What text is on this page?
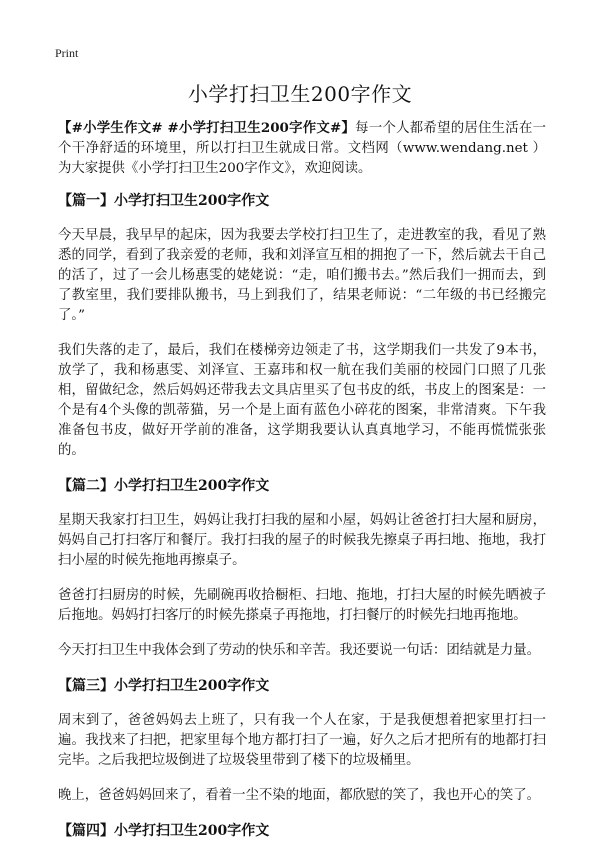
Print
小学打扫卫生200字作文

【#小学生作文# #小学打扫卫生200字作文#】每一个人都希望的居住生活在一个干净舒适的环境里，所以打扫卫生就成日常。文档网（www.wendang.net ）为大家提供《小学打扫卫生200字作文》，欢迎阅读。

【篇一】小学打扫卫生200字作文

今天早晨，我早早的起床，因为我要去学校打扫卫生了，走进教室的我，看见了熟悉的同学，看到了我亲爱的老师，我和刘泽宣互相的拥抱了一下，然后就去干自己的活了，过了一会儿杨惠雯的姥姥说：“走，咱们搬书去。”然后我们一拥而去，到了教室里，我们要排队搬书，马上到我们了，结果老师说：“二年级的书已经搬完了。”

我们失落的走了，最后，我们在楼梯旁边领走了书，这学期我们一共发了9本书，放学了，我和杨惠雯、刘泽宣、王嘉玮和权一航在我们美丽的校园门口照了几张相，留做纪念，然后妈妈还带我去文具店里买了包书皮的纸，书皮上的图案是：一个是有4个头像的凯蒂猫，另一个是上面有蓝色小碎花的图案，非常清爽。下午我准备包书皮，做好开学前的准备，这学期我要认认真真地学习，不能再慌慌张张的。

【篇二】小学打扫卫生200字作文

星期天我家打扫卫生，妈妈让我打扫我的屋和小屋，妈妈让爸爸打扫大屋和厨房，妈妈自己打扫客厅和餐厅。我打扫我的屋子的时候我先擦桌子再扫地、拖地，我打扫小屋的时候先拖地再擦桌子。

爸爸打扫厨房的时候，先刷碗再收拾橱柜、扫地、拖地，打扫大屋的时候先晒被子后拖地。妈妈打扫客厅的时候先搽桌子再拖地，打扫餐厅的时候先扫地再拖地。

今天打扫卫生中我体会到了劳动的快乐和辛苦。我还要说一句话：团结就是力量。

【篇三】小学打扫卫生200字作文

周末到了，爸爸妈妈去上班了，只有我一个人在家，于是我便想着把家里打扫一遍。我找来了扫把，把家里每个地方都打扫了一遍，好久之后才把所有的地都打扫完毕。之后我把垃圾倒进了垃圾袋里带到了楼下的垃圾桶里。

晚上，爸爸妈妈回来了，看着一尘不染的地面，都欣慰的笑了，我也开心的笑了。

【篇四】小学打扫卫生200字作文
